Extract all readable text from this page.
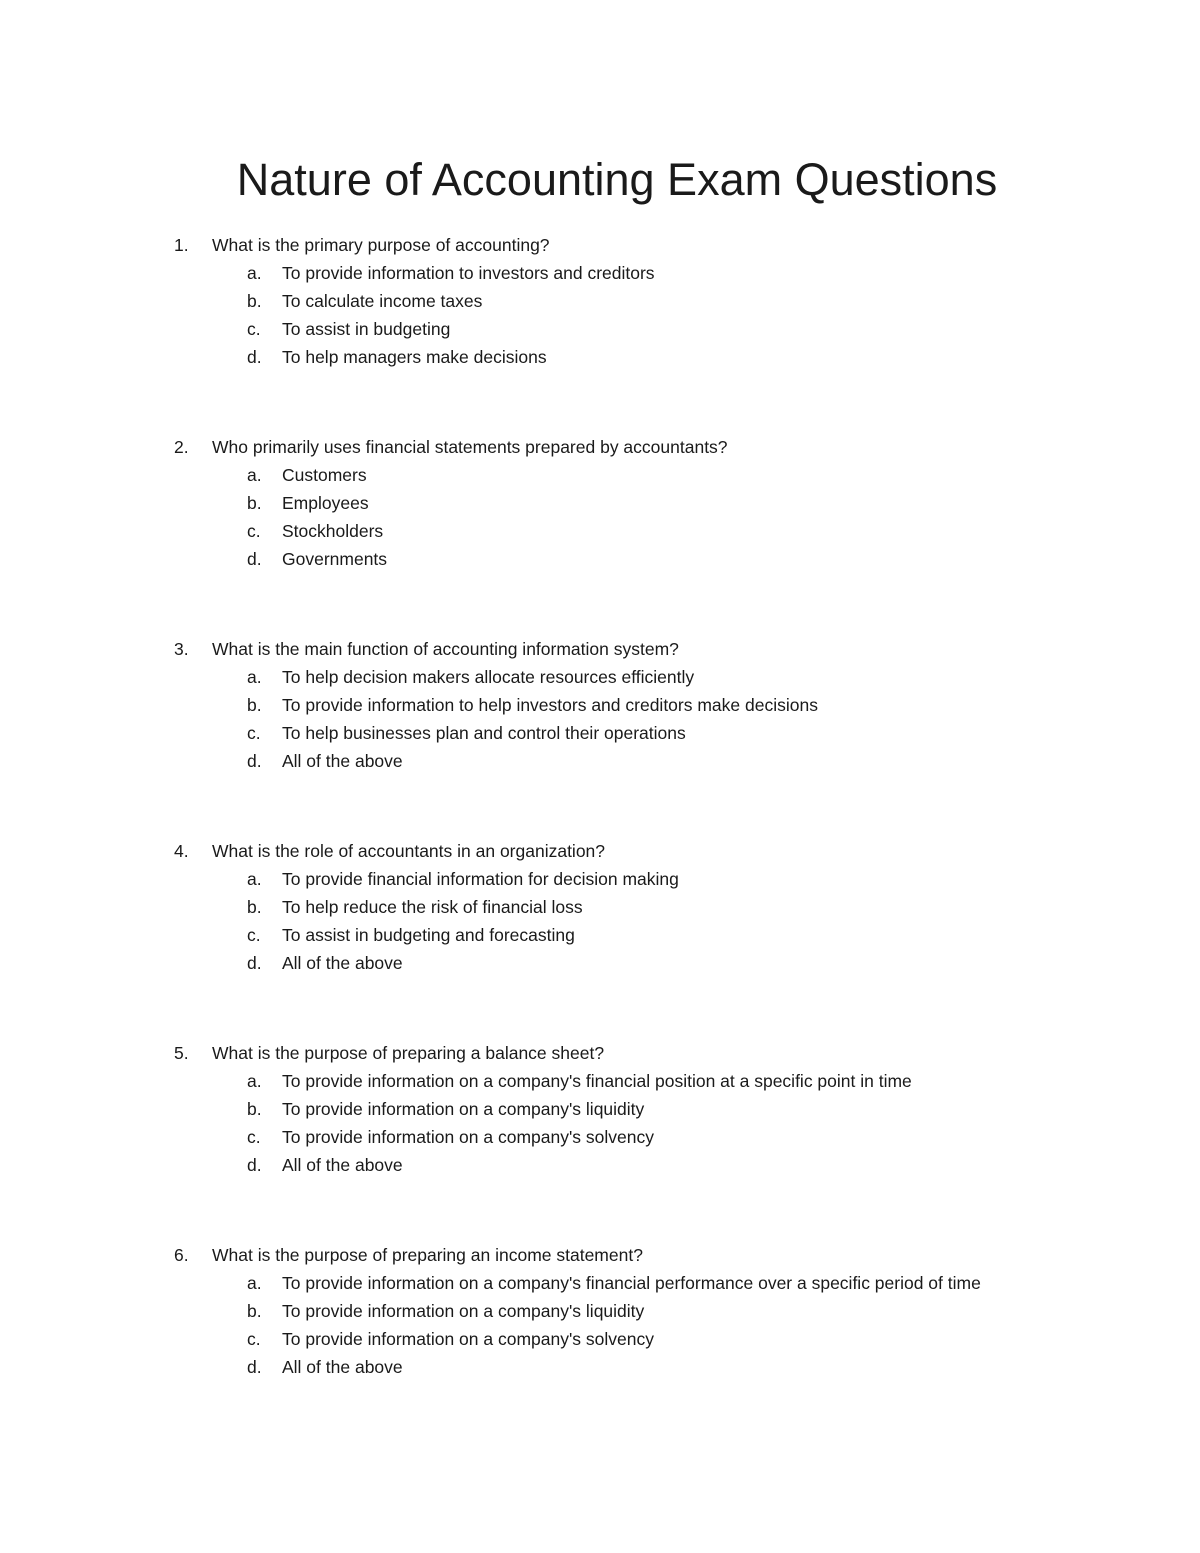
Nature of Accounting Exam Questions
1. What is the primary purpose of accounting?
a. To provide information to investors and creditors
b. To calculate income taxes
c. To assist in budgeting
d. To help managers make decisions
2. Who primarily uses financial statements prepared by accountants?
a. Customers
b. Employees
c. Stockholders
d. Governments
3. What is the main function of accounting information system?
a. To help decision makers allocate resources efficiently
b. To provide information to help investors and creditors make decisions
c. To help businesses plan and control their operations
d. All of the above
4. What is the role of accountants in an organization?
a. To provide financial information for decision making
b. To help reduce the risk of financial loss
c. To assist in budgeting and forecasting
d. All of the above
5. What is the purpose of preparing a balance sheet?
a. To provide information on a company's financial position at a specific point in time
b. To provide information on a company's liquidity
c. To provide information on a company's solvency
d. All of the above
6. What is the purpose of preparing an income statement?
a. To provide information on a company's financial performance over a specific period of time
b. To provide information on a company's liquidity
c. To provide information on a company's solvency
d. All of the above
